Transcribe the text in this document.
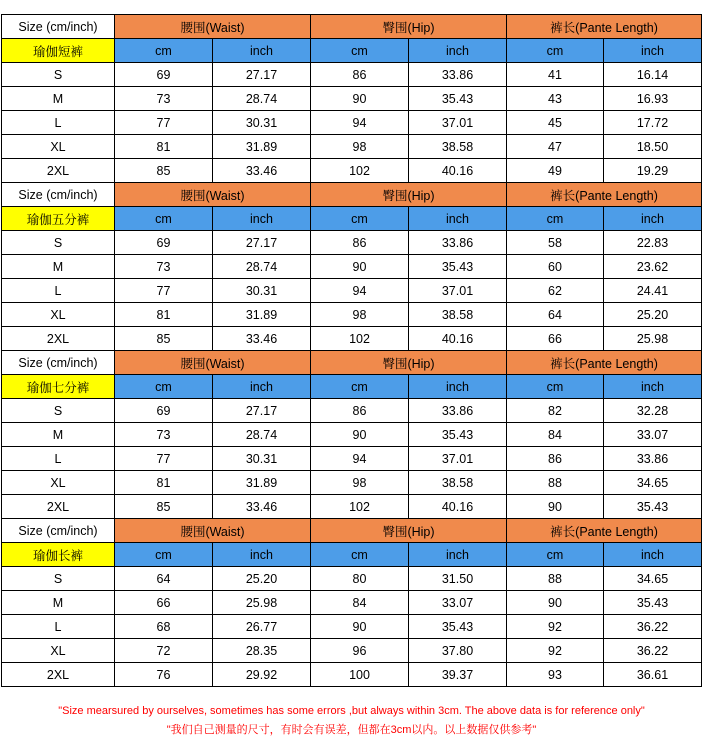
Size (cm/inch)	腰围(Waist)		臀围(Hip)		裤长(Pante Length)	
瑜伽短裤	cm	inch	cm	inch	cm	inch
S	69	27.17	86	33.86	41	16.14
M	73	28.74	90	35.43	43	16.93
L	77	30.31	94	37.01	45	17.72
XL	81	31.89	98	38.58	47	18.50
2XL	85	33.46	102	40.16	49	19.29
Size (cm/inch)	腰围(Waist)		臀围(Hip)		裤长(Pante Length)	
瑜伽五分裤	cm	inch	cm	inch	cm	inch
S	69	27.17	86	33.86	58	22.83
M	73	28.74	90	35.43	60	23.62
L	77	30.31	94	37.01	62	24.41
XL	81	31.89	98	38.58	64	25.20
2XL	85	33.46	102	40.16	66	25.98
Size (cm/inch)	腰围(Waist)		臀围(Hip)		裤长(Pante Length)	
瑜伽七分裤	cm	inch	cm	inch	cm	inch
S	69	27.17	86	33.86	82	32.28
M	73	28.74	90	35.43	84	33.07
L	77	30.31	94	37.01	86	33.86
XL	81	31.89	98	38.58	88	34.65
2XL	85	33.46	102	40.16	90	35.43
Size (cm/inch)	腰围(Waist)		臀围(Hip)		裤长(Pante Length)	
瑜伽长裤	cm	inch	cm	inch	cm	inch
S	64	25.20	80	31.50	88	34.65
M	66	25.98	84	33.07	90	35.43
L	68	26.77	90	35.43	92	36.22
XL	72	28.35	96	37.80	92	36.22
2XL	76	29.92	100	39.37	93	36.61
"Size mearsured by ourselves, sometimes has some errors ,but always within 3cm. The above data is for reference only"
"我们自己测量的尺寸，有时会有误差，但都在3cm以内。以上数据仅供参考"
